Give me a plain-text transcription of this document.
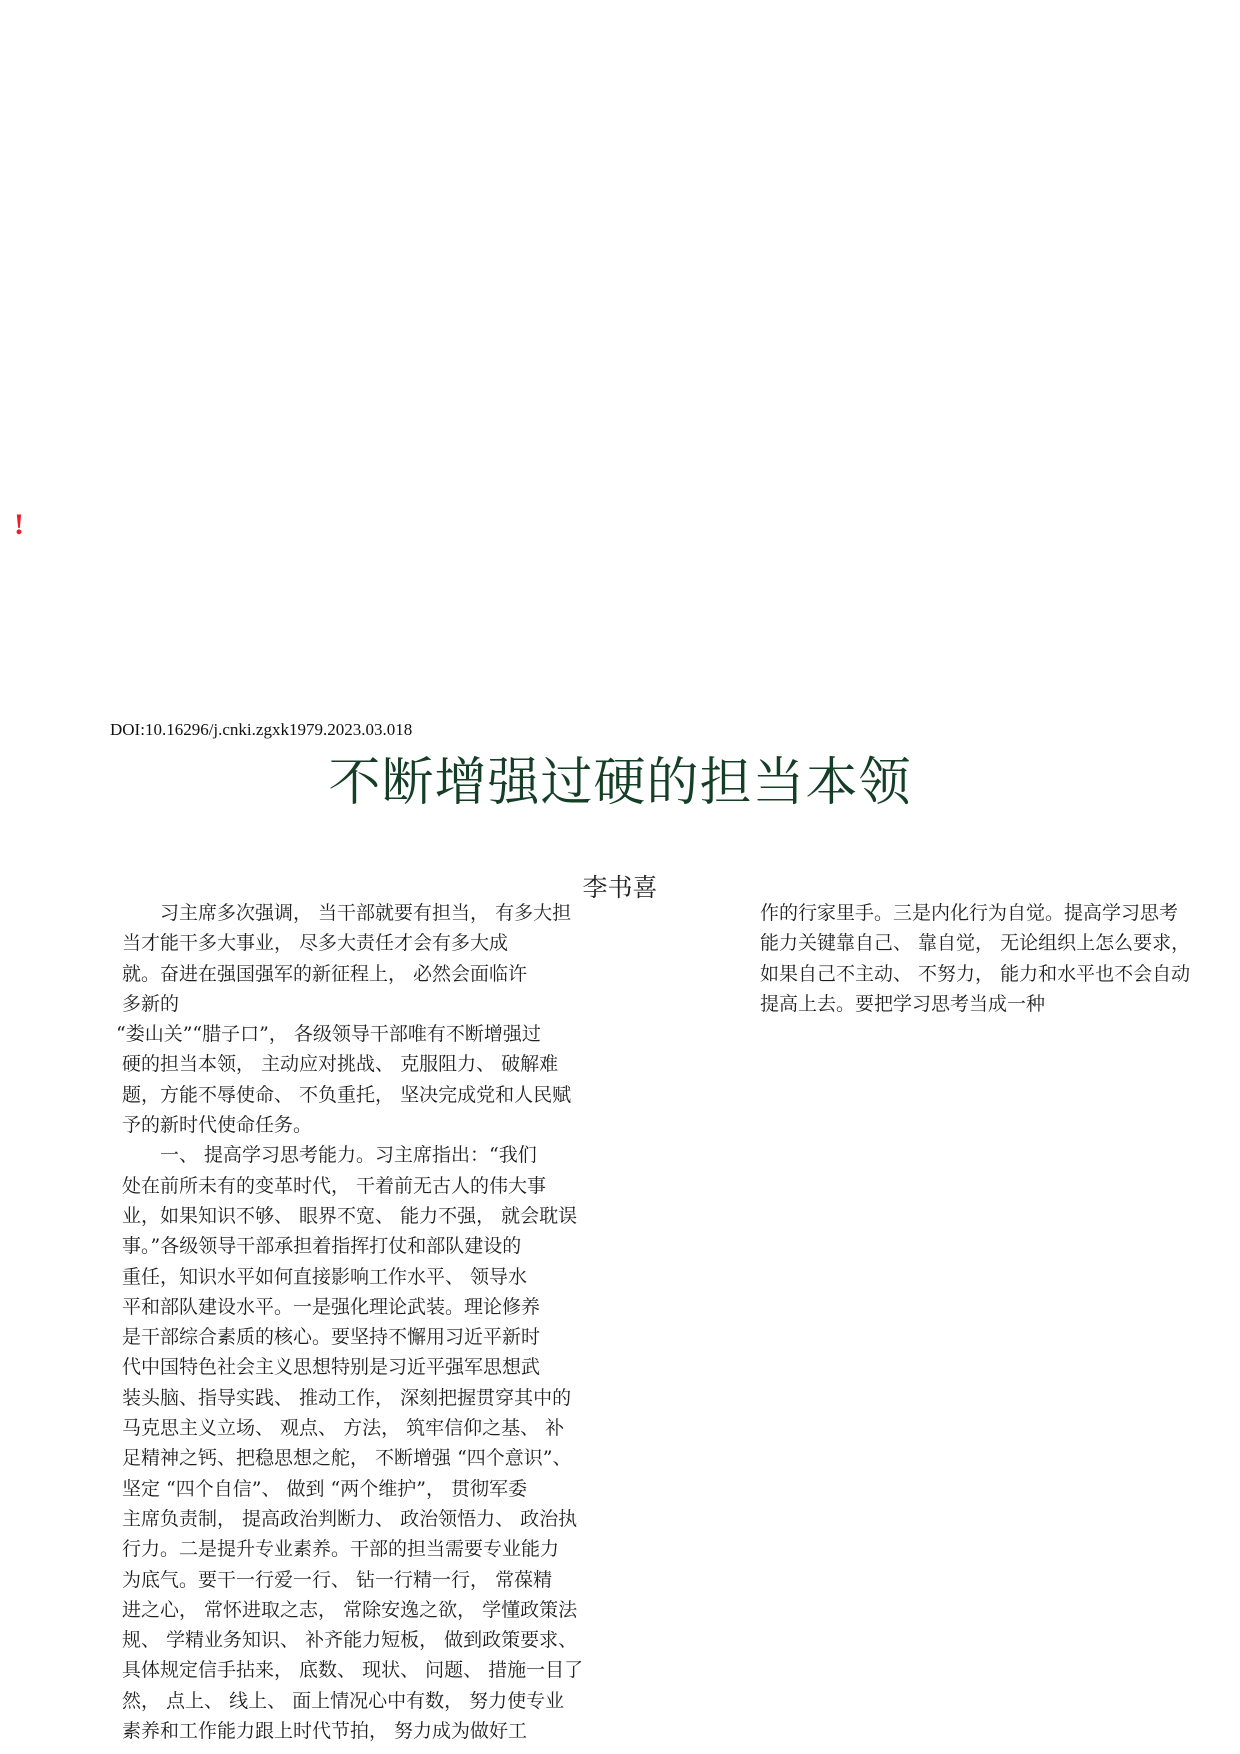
!
DOI:10.16296/j.cnki.zgxk1979.2023.03.018
不断增强过硬的担当本领
李书喜
　　习主席多次强调， 当干部就要有担当， 有多大担
当才能干多大事业， 尽多大责任才会有多大成
就。奋进在强国强军的新征程上， 必然会面临许
多新的
“娄山关”“腊子口”， 各级领导干部唯有不断增强过
硬的担当本领， 主动应对挑战、 克服阻力、 破解难
题，方能不辱使命、 不负重托， 坚决完成党和人民赋
予的新时代使命任务。
　　一、 提高学习思考能力。习主席指出：“我们
处在前所未有的变革时代， 干着前无古人的伟大事
业，如果知识不够、 眼界不宽、 能力不强， 就会耽误
事。”各级领导干部承担着指挥打仗和部队建设的
重任，知识水平如何直接影响工作水平、 领导水
平和部队建设水平。一是强化理论武装。理论修养
是干部综合素质的核心。要坚持不懈用习近平新时
代中国特色社会主义思想特别是习近平强军思想武
装头脑、指导实践、 推动工作， 深刻把握贯穿其中的
马克思主义立场、 观点、 方法， 筑牢信仰之基、 补
足精神之钙、把稳思想之舵， 不断增强 “四个意识”、
坚定 “四个自信”、 做到 “两个维护”， 贯彻军委
主席负责制， 提高政治判断力、 政治领悟力、 政治执
行力。二是提升专业素养。干部的担当需要专业能力
为底气。要干一行爱一行、 钻一行精一行， 常葆精
进之心， 常怀进取之志， 常除安逸之欲， 学懂政策法
规、 学精业务知识、 补齐能力短板， 做到政策要求、
具体规定信手拈来， 底数、 现状、 问题、 措施一目了
然， 点上、 线上、 面上情况心中有数， 努力使专业
素养和工作能力跟上时代节拍， 努力成为做好工
作的行家里手。三是内化行为自觉。提高学习思考
能力关键靠自己、 靠自觉， 无论组织上怎么要求，
如果自己不主动、 不努力， 能力和水平也不会自动
提高上去。要把学习思考当成一种
